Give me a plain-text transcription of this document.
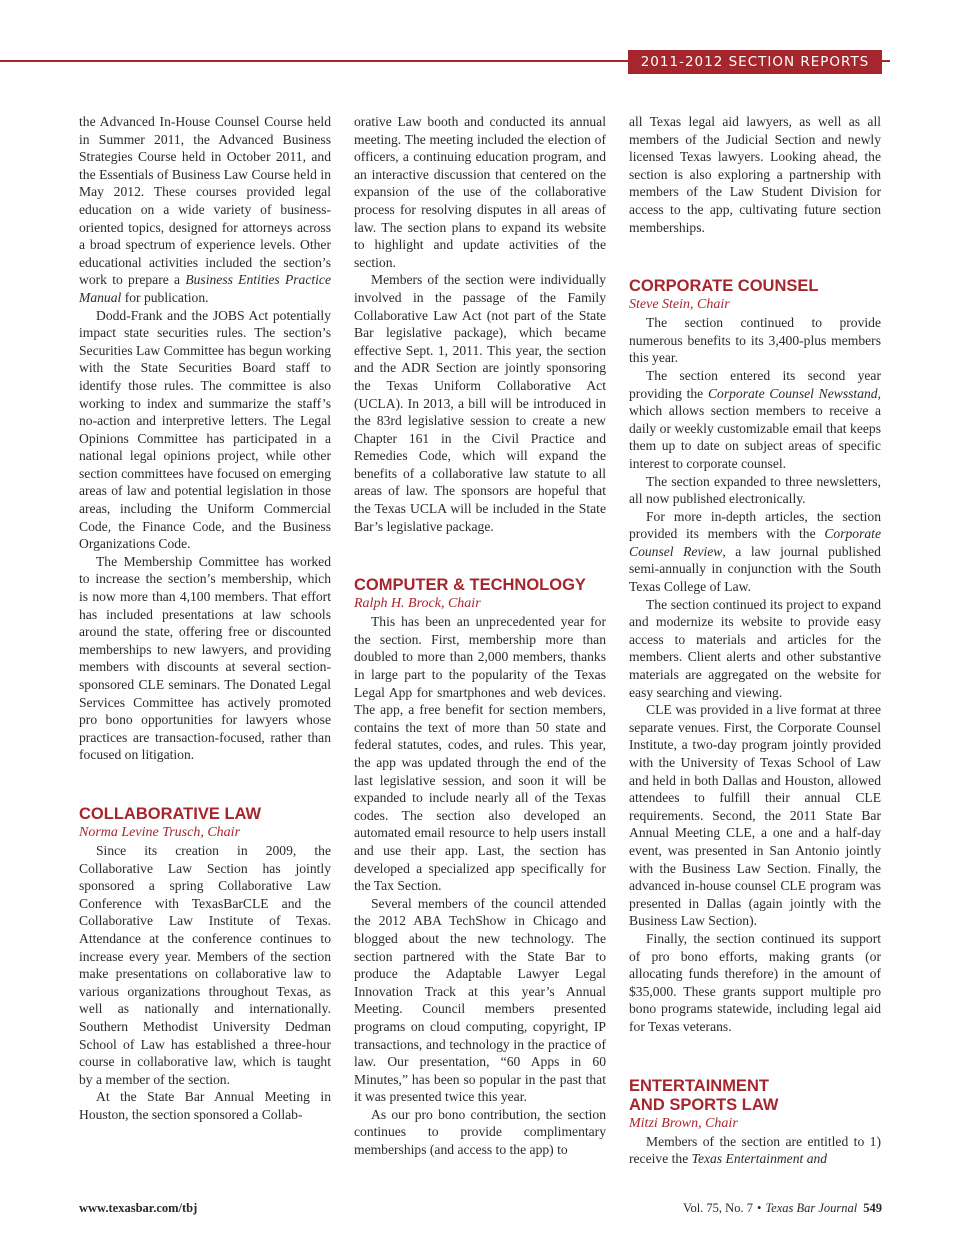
2011-2012 SECTION REPORTS

the Advanced In-House Counsel Course held in Summer 2011, the Advanced Business Strategies Course held in October 2011, and the Essentials of Business Law Course held in May 2012. These courses provided legal education on a wide variety of business-oriented topics, designed for attorneys across a broad spectrum of experience levels. Other educational activities included the section’s work to prepare a Business Entities Practice Manual for publication.

Dodd-Frank and the JOBS Act potentially impact state securities rules. The section’s Securities Law Committee has begun working with the State Securities Board staff to identify those rules. The committee is also working to index and summarize the staff’s no-action and interpretive letters. The Legal Opinions Committee has participated in a national legal opinions project, while other section committees have focused on emerging areas of law and potential legislation in those areas, including the Uniform Commercial Code, the Finance Code, and the Business Organizations Code.

The Membership Committee has worked to increase the section’s membership, which is now more than 4,100 members. That effort has included presentations at law schools around the state, offering free or discounted memberships to new lawyers, and providing members with discounts at several section-sponsored CLE seminars. The Donated Legal Services Committee has actively promoted pro bono opportunities for lawyers whose practices are transaction-focused, rather than focused on litigation.

COLLABORATIVE LAW

Norma Levine Trusch, Chair

Since its creation in 2009, the Collaborative Law Section has jointly sponsored a spring Collaborative Law Conference with TexasBarCLE and the Collaborative Law Institute of Texas. Attendance at the conference continues to increase every year. Members of the section make presentations on collaborative law to various organizations throughout Texas, as well as nationally and internationally. Southern Methodist University Dedman School of Law has established a three-hour course in collaborative law, which is taught by a member of the section.

At the State Bar Annual Meeting in Houston, the section sponsored a Collab-

orative Law booth and conducted its annual meeting. The meeting included the election of officers, a continuing education program, and an interactive discussion that centered on the expansion of the use of the collaborative process for resolving disputes in all areas of law. The section plans to expand its website to highlight and update activities of the section.

Members of the section were individually involved in the passage of the Family Collaborative Law Act (not part of the State Bar legislative package), which became effective Sept. 1, 2011. This year, the section and the ADR Section are jointly sponsoring the Texas Uniform Collaborative Act (UCLA). In 2013, a bill will be introduced in the 83rd legislative session to create a new Chapter 161 in the Civil Practice and Remedies Code, which will expand the benefits of a collaborative law statute to all areas of law. The sponsors are hopeful that the Texas UCLA will be included in the State Bar’s legislative package.

COMPUTER & TECHNOLOGY

Ralph H. Brock, Chair

This has been an unprecedented year for the section. First, membership more than doubled to more than 2,000 members, thanks in large part to the popularity of the Texas Legal App for smartphones and web devices. The app, a free benefit for section members, contains the text of more than 50 state and federal statutes, codes, and rules. This year, the app was updated through the end of the last legislative session, and soon it will be expanded to include nearly all of the Texas codes. The section also developed an automated email resource to help users install and use their app. Last, the section has developed a specialized app specifically for the Tax Section.

Several members of the council attended the 2012 ABA TechShow in Chicago and blogged about the new technology. The section partnered with the State Bar to produce the Adaptable Lawyer Legal Innovation Track at this year’s Annual Meeting. Council members presented programs on cloud computing, copyright, IP transactions, and technology in the practice of law. Our presentation, “60 Apps in 60 Minutes,” has been so popular in the past that it was presented twice this year.

As our pro bono contribution, the section continues to provide complimentary memberships (and access to the app) to

all Texas legal aid lawyers, as well as all members of the Judicial Section and newly licensed Texas lawyers. Looking ahead, the section is also exploring a partnership with members of the Law Student Division for access to the app, cultivating future section memberships.

CORPORATE COUNSEL

Steve Stein, Chair

The section continued to provide numerous benefits to its 3,400-plus members this year.

The section entered its second year providing the Corporate Counsel Newsstand, which allows section members to receive a daily or weekly customizable email that keeps them up to date on subject areas of specific interest to corporate counsel.

The section expanded to three newsletters, all now published electronically.

For more in-depth articles, the section provided its members with the Corporate Counsel Review, a law journal published semi-annually in conjunction with the South Texas College of Law.

The section continued its project to expand and modernize its website to provide easy access to materials and articles for the members. Client alerts and other substantive materials are aggregated on the website for easy searching and viewing.

CLE was provided in a live format at three separate venues. First, the Corporate Counsel Institute, a two-day program jointly provided with the University of Texas School of Law and held in both Dallas and Houston, allowed attendees to fulfill their annual CLE requirements. Second, the 2011 State Bar Annual Meeting CLE, a one and a half-day event, was presented in San Antonio jointly with the Business Law Section. Finally, the advanced in-house counsel CLE program was presented in Dallas (again jointly with the Business Law Section).

Finally, the section continued its support of pro bono efforts, making grants (or allocating funds therefore) in the amount of $35,000. These grants support multiple pro bono programs statewide, including legal aid for Texas veterans.

ENTERTAINMENT
AND SPORTS LAW

Mitzi Brown, Chair

Members of the section are entitled to 1) receive the Texas Entertainment and

www.texasbar.com/tbj	Vol. 75, No. 7 • Texas Bar Journal 549
